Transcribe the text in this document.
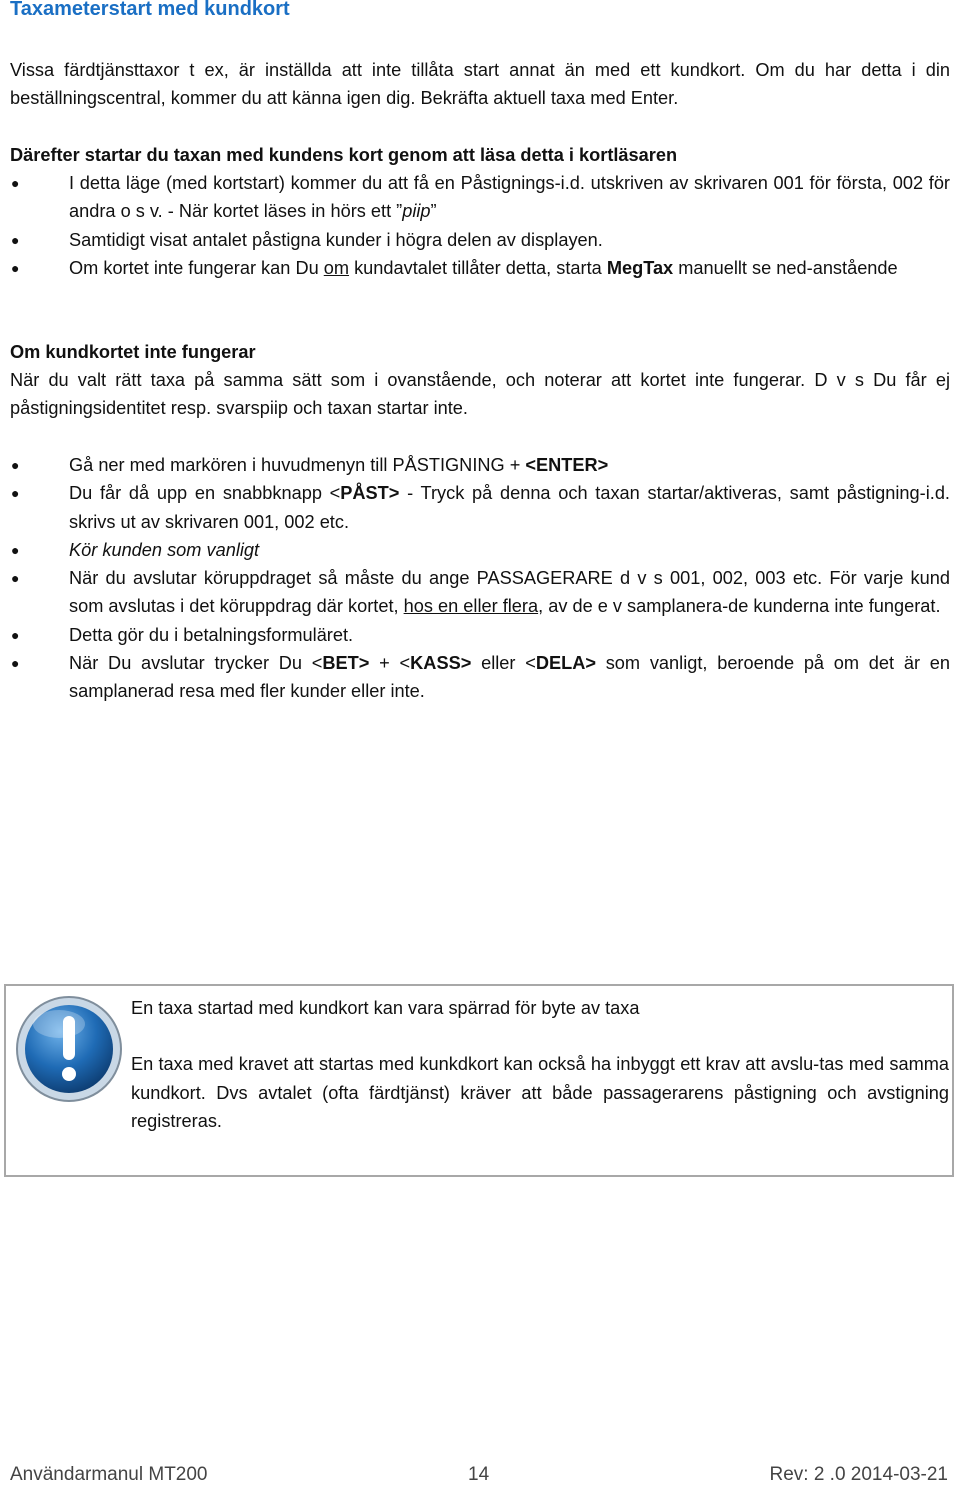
Taxameterstart med kundkort
Vissa färdtjänsttaxor t ex, är inställda att inte tillåta start annat än med ett kundkort. Om du har detta i din beställningscentral, kommer du att känna igen dig. Bekräfta aktuell taxa med Enter.
Därefter startar du taxan med kundens kort genom att läsa detta i kortläsaren
●	I detta läge (med kortstart) kommer du att få en Påstignings-i.d. utskriven av skrivaren 001 för första, 002 för andra o s v. - När kortet läses in hörs ett ”piip”
●	Samtidigt visat antalet påstigna kunder i högra delen av displayen.
●	Om kortet inte fungerar kan Du om kundavtalet tillåter detta, starta MegTax manuellt se ned-anstående
Om kundkortet inte fungerar
När du valt rätt taxa på samma sätt som i ovanstående, och noterar att kortet inte fungerar. D v s Du får ej påstigningsidentitet resp. svarspiip och taxan startar inte.
●	Gå ner med markören i huvudmenyn till PÅSTIGNING + <ENTER>
●	Du får då upp en snabbknapp <PÅST> - Tryck på denna och taxan startar/aktiveras, samt påstigning-i.d. skrivs ut av skrivaren 001, 002 etc.
●	Kör kunden som vanligt
●	När du avslutar köruppdraget så måste du ange PASSAGERARE d v s 001, 002, 003 etc. För varje kund som avslutas i det köruppdrag där kortet, hos en eller flera, av de e v samplanera-de kunderna inte fungerat.
●	Detta gör du i betalningsformuläret.
●	När Du avslutar trycker Du <BET> + <KASS> eller <DELA> som vanligt, beroende på om det är en samplanerad resa med fler kunder eller inte.

En taxa startad med kundkort kan vara spärrad för byte av taxa

En taxa med kravet att startas med kunkdkort kan också ha inbyggt ett krav att avslu-tas med samma kundkort. Dvs avtalet (ofta färdtjänst) kräver att både passagerarens påstigning och avstigning registreras.

Användarmanul MT200	14	Rev: 2 .0 2014-03-21
